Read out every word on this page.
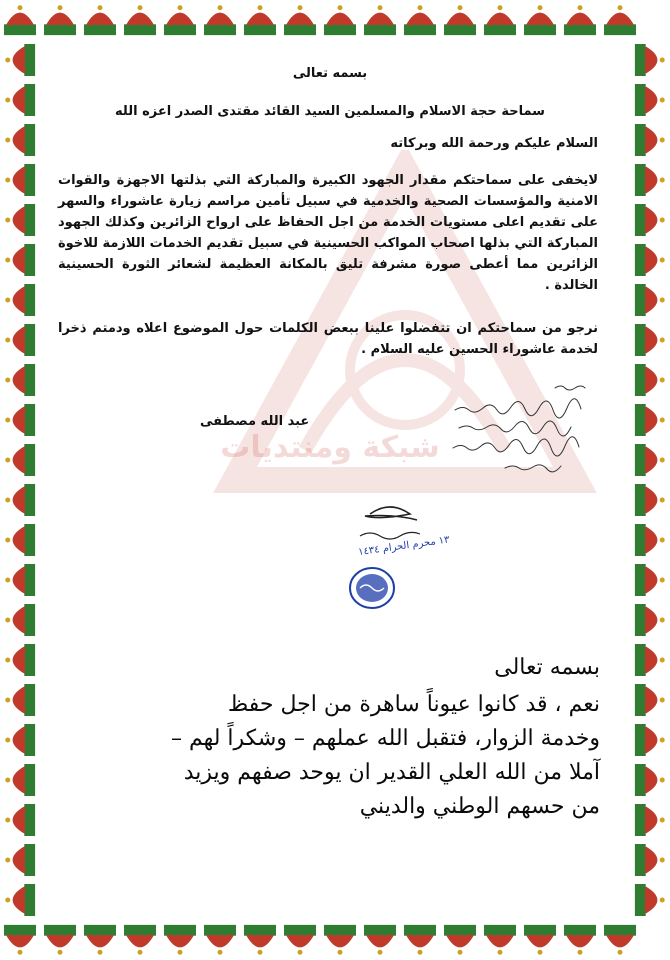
شبكة ومنتديات
بسمه تعالى
سماحة حجة الاسلام والمسلمين السيد القائد مقتدى الصدر اعزه الله
السلام عليكم ورحمة الله وبركاته
لايخفى على سماحتكم مقدار الجهود الكبيرة والمباركة التي بذلتها الاجهزة والقوات الامنية والمؤسسات الصحية والخدمية في سبيل تأمين مراسم زيارة عاشوراء والسهر على تقديم اعلى مستويات الخدمة من اجل الحفاظ على ارواح الزائرين وكذلك الجهود المباركة التي بذلها اصحاب المواكب الحسينية في سبيل تقديم الخدمات اللازمة للاخوة الزائرين مما أعطى صورة مشرفة تليق بالمكانة العظيمة لشعائر الثورة الحسينية الخالدة .
نرجو من سماحتكم ان تتفضلوا علينا ببعض الكلمات حول الموضوع اعلاه ودمتم ذخرا لخدمة عاشوراء الحسين عليه السلام .
عبد الله مصطفى
١٣ محرم الحرام ١٤٣٤
بسمه تعالى
نعم ، قد كانوا عيوناً ساهرة من اجل حفظ
وخدمة الزوار، فتقبل الله عملهم – وشكراً لهم –
آملا من الله العلي القدير ان يوحد صفهم ويزيد
من حسهم الوطني والديني
